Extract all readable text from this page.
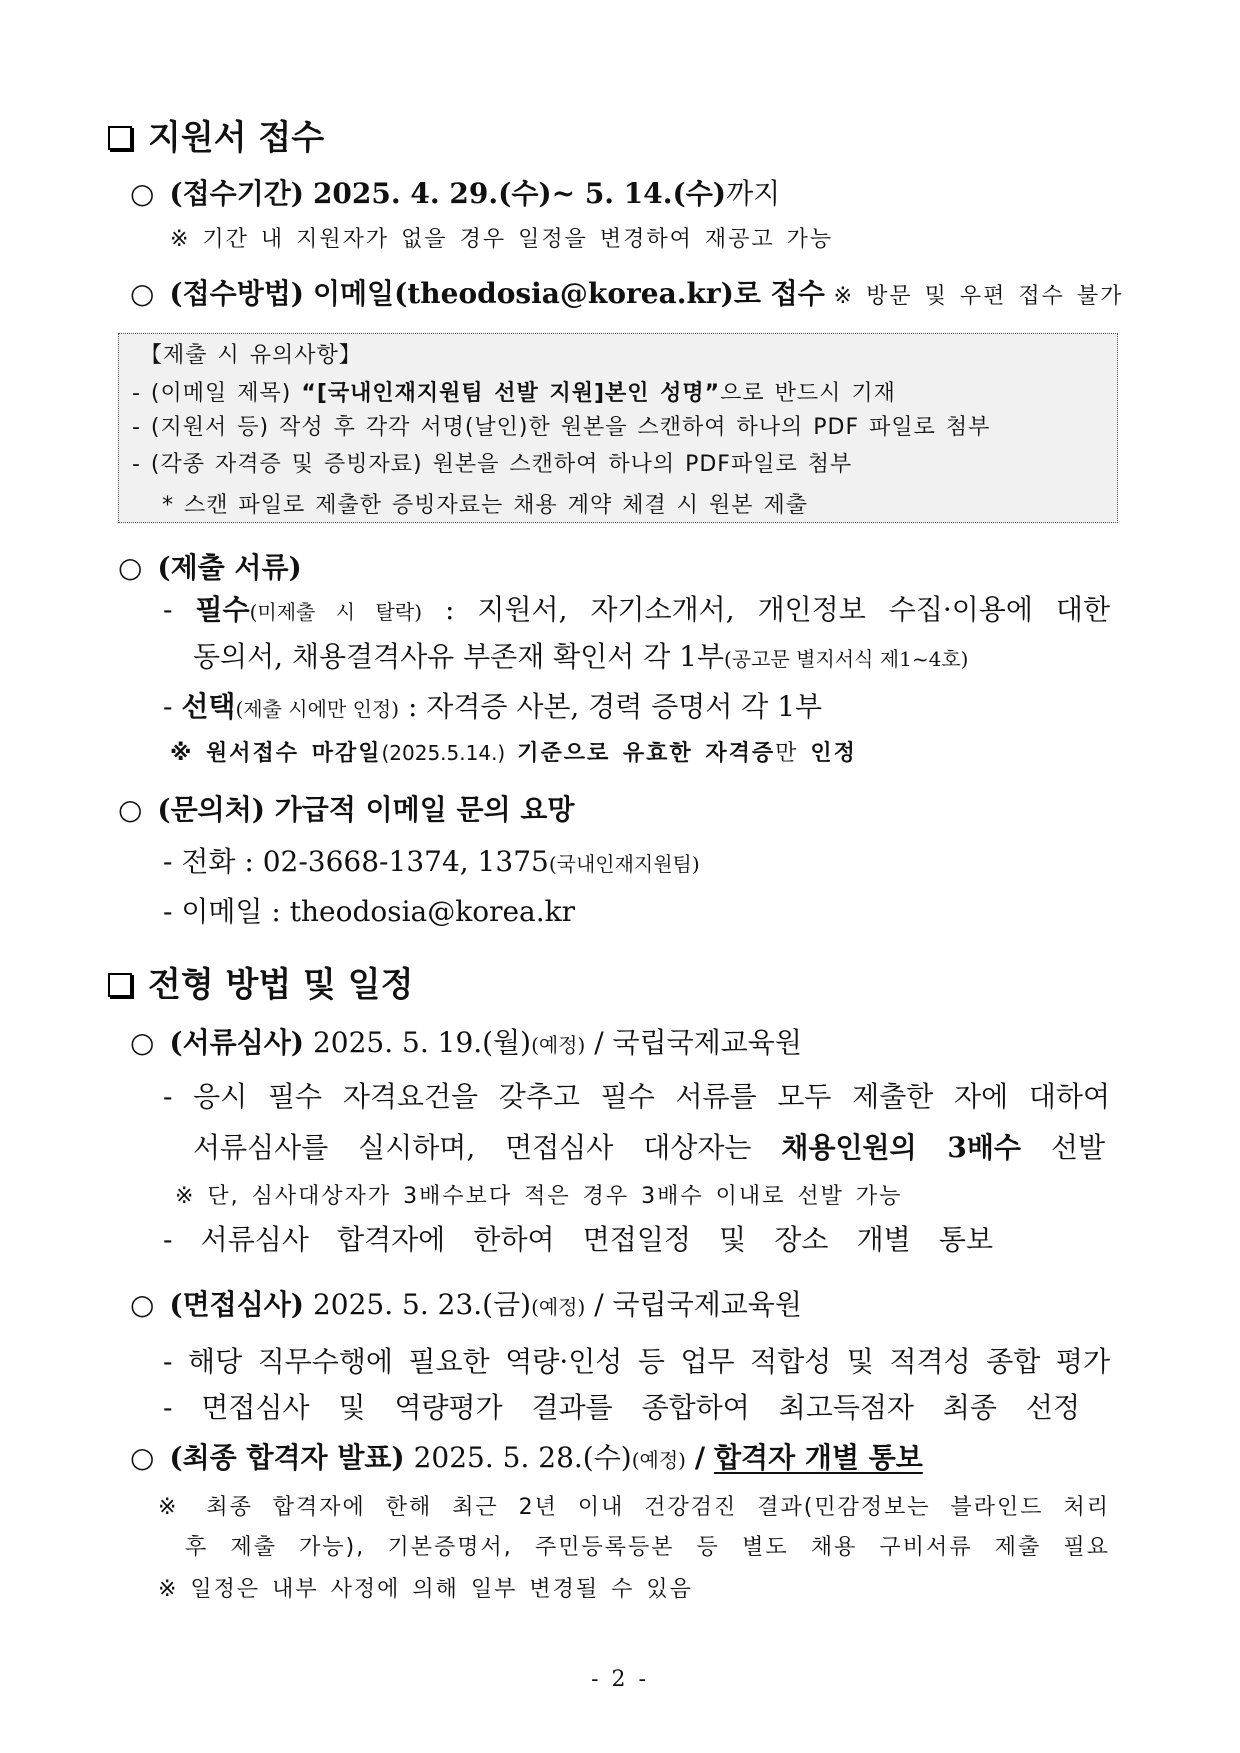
지원서 접수
○ (접수기간) 2025. 4. 29.(수)~ 5. 14.(수)까지
※ 기간 내 지원자가 없을 경우 일정을 변경하여 재공고 가능
○ (접수방법) 이메일(theodosia@korea.kr)로 접수 ※ 방문 및 우편 접수 불가
【제출 시 유의사항】
- (이메일 제목) “[국내인재지원팀 선발 지원]본인 성명”으로 반드시 기재
- (지원서 등) 작성 후 각각 서명(날인)한 원본을 스캔하여 하나의 PDF 파일로 첨부
- (각종 자격증 및 증빙자료) 원본을 스캔하여 하나의 PDF파일로 첨부
* 스캔 파일로 제출한 증빙자료는 채용 계약 체결 시 원본 제출
○ (제출 서류)
- 필수(미제출 시 탈락) : 지원서, 자기소개서, 개인정보 수집·이용에 대한
동의서, 채용결격사유 부존재 확인서 각 1부(공고문 별지서식 제1~4호)
- 선택(제출 시에만 인정) : 자격증 사본, 경력 증명서 각 1부
※ 원서접수 마감일(2025.5.14.) 기준으로 유효한 자격증만 인정
○ (문의처) 가급적 이메일 문의 요망
- 전화 : 02-3668-1374, 1375(국내인재지원팀)
- 이메일 : theodosia@korea.kr
전형 방법 및 일정
○ (서류심사) 2025. 5. 19.(월)(예정) / 국립국제교육원
- 응시 필수 자격요건을 갖추고 필수 서류를 모두 제출한 자에 대하여
서류심사를 실시하며, 면접심사 대상자는 채용인원의 3배수 선발
※ 단, 심사대상자가 3배수보다 적은 경우 3배수 이내로 선발 가능
- 서류심사 합격자에 한하여 면접일정 및 장소 개별 통보
○ (면접심사) 2025. 5. 23.(금)(예정) / 국립국제교육원
- 해당 직무수행에 필요한 역량·인성 등 업무 적합성 및 적격성 종합 평가
- 면접심사 및 역량평가 결과를 종합하여 최고득점자 최종 선정
○ (최종 합격자 발표) 2025. 5. 28.(수)(예정) / 합격자 개별 통보
※ 최종 합격자에 한해 최근 2년 이내 건강검진 결과(민감정보는 블라인드 처리
후 제출 가능), 기본증명서, 주민등록등본 등 별도 채용 구비서류 제출 필요
※ 일정은 내부 사정에 의해 일부 변경될 수 있음
- 2 -
